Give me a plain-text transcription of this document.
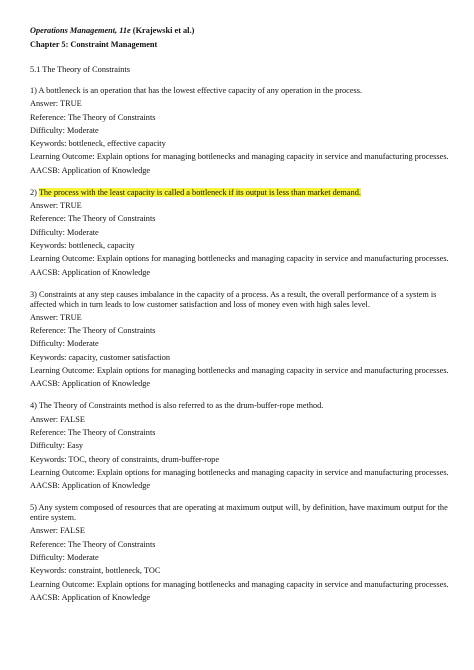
Operations Management, 11e (Krajewski et al.)
Chapter 5: Constraint Management
5.1 The Theory of Constraints
1) A bottleneck is an operation that has the lowest effective capacity of any operation in the process.
Answer: TRUE
Reference: The Theory of Constraints
Difficulty: Moderate
Keywords: bottleneck, effective capacity
Learning Outcome: Explain options for managing bottlenecks and managing capacity in service and manufacturing processes.
AACSB: Application of Knowledge
2) The process with the least capacity is called a bottleneck if its output is less than market demand.
Answer: TRUE
Reference: The Theory of Constraints
Difficulty: Moderate
Keywords: bottleneck, capacity
Learning Outcome: Explain options for managing bottlenecks and managing capacity in service and manufacturing processes.
AACSB: Application of Knowledge
3) Constraints at any step causes imbalance in the capacity of a process. As a result, the overall performance of a system is affected which in turn leads to low customer satisfaction and loss of money even with high sales level.
Answer: TRUE
Reference: The Theory of Constraints
Difficulty: Moderate
Keywords: capacity, customer satisfaction
Learning Outcome: Explain options for managing bottlenecks and managing capacity in service and manufacturing processes.
AACSB: Application of Knowledge
4) The Theory of Constraints method is also referred to as the drum-buffer-rope method.
Answer: FALSE
Reference: The Theory of Constraints
Difficulty: Easy
Keywords: TOC, theory of constraints, drum-buffer-rope
Learning Outcome: Explain options for managing bottlenecks and managing capacity in service and manufacturing processes.
AACSB: Application of Knowledge
5) Any system composed of resources that are operating at maximum output will, by definition, have maximum output for the entire system.
Answer: FALSE
Reference: The Theory of Constraints
Difficulty: Moderate
Keywords: constraint, bottleneck, TOC
Learning Outcome: Explain options for managing bottlenecks and managing capacity in service and manufacturing processes.
AACSB: Application of Knowledge
